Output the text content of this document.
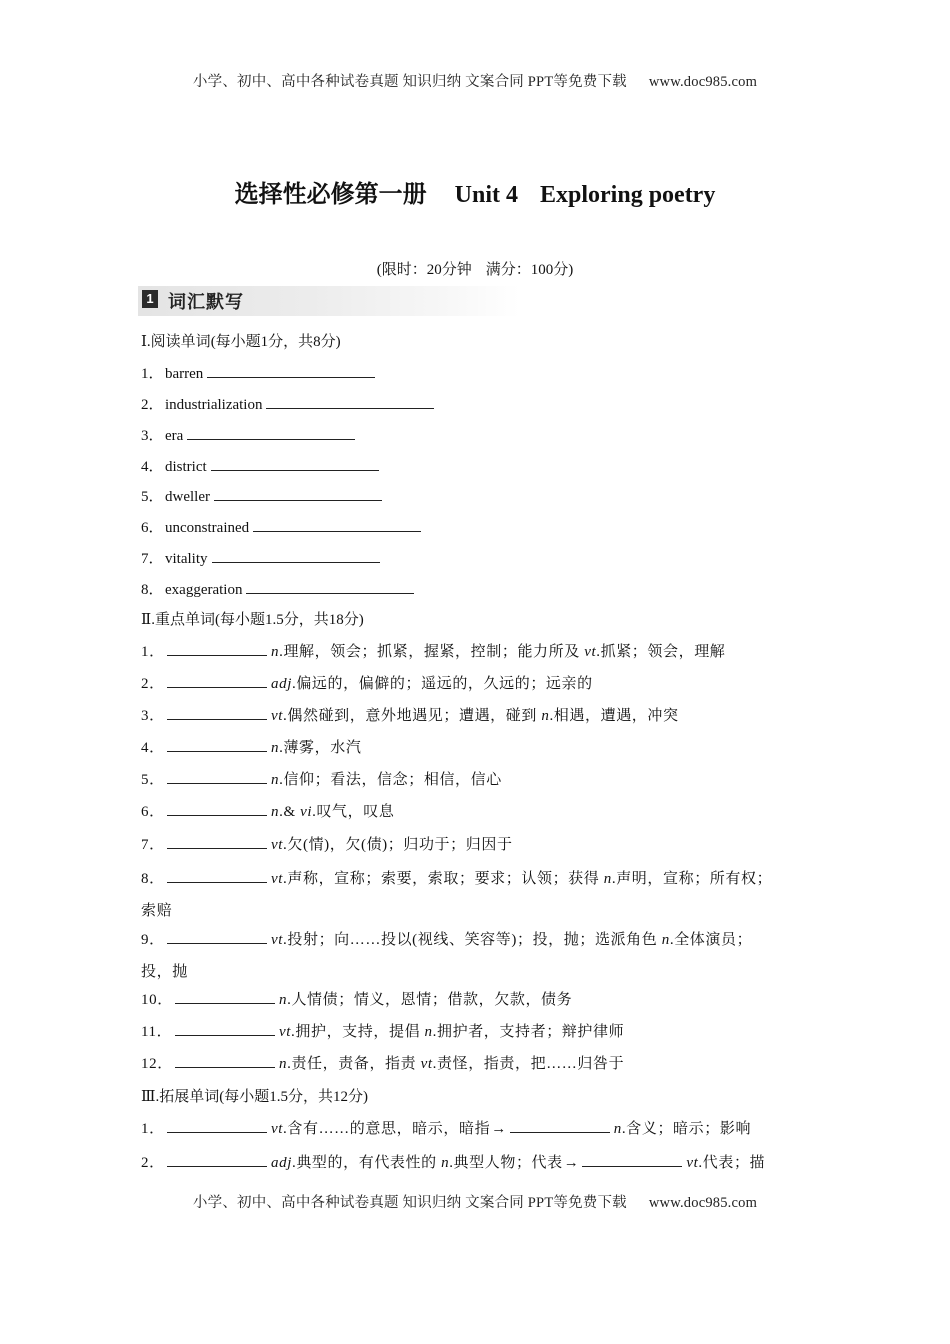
小学、初中、高中各种试卷真题 知识归纳 文案合同 PPT等免费下载 www.doc985.com
选择性必修第一册 Unit 4 Exploring poetry
(限时：20分钟 满分：100分)
1 词汇默写
Ⅰ.阅读单词(每小题1分，共8分)
1．barren
2．industrialization
3．era
4．district
5．dweller
6．unconstrained
7．vitality
8．exaggeration
Ⅱ.重点单词(每小题1.5分，共18分)
1．	n.理解，领会；抓紧，握紧，控制；能力所及 vt.抓紧；领会，理解
2．	adj.偏远的，偏僻的；遥远的，久远的；远亲的
3．	vt.偶然碰到，意外地遇见；遭遇，碰到 n.相遇，遭遇，冲突
4．	n.薄雾，水汽
5．	n.信仰；看法，信念；相信，信心
6．	n.& vi.叹气，叹息
7．	vt.欠(情)，欠(债)；归功于；归因于
8．	vt.声称，宣称；索要，索取；要求；认领；获得 n.声明，宣称；所有权；
索赔
9．	vt.投射；向……投以(视线、笑容等)；投，抛；选派角色 n.全体演员；
投，抛
10．	n.人情债；情义，恩情；借款，欠款，债务
11．	vt.拥护，支持，提倡 n.拥护者，支持者；辩护律师
12．	n.责任，责备，指责 vt.责怪，指责，把……归咎于
Ⅲ.拓展单词(每小题1.5分，共12分)
1．	vt.含有……的意思，暗示，暗指→	n.含义；暗示；影响
2．	adj.典型的，有代表性的 n.典型人物；代表→	vt.代表；描
小学、初中、高中各种试卷真题 知识归纳 文案合同 PPT等免费下载 www.doc985.com
